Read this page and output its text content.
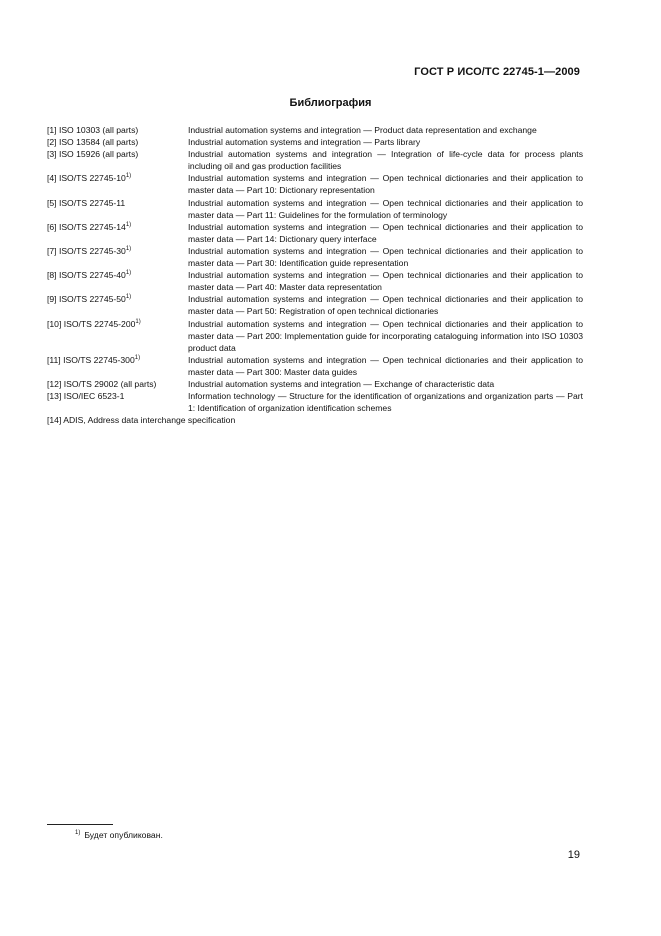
ГОСТ Р ИСО/ТС 22745-1—2009
Библиография
[1] ISO 10303 (all parts)	Industrial automation systems and integration — Product data representation and exchange
[2] ISO 13584 (all parts)	Industrial automation systems and integration — Parts library
[3] ISO 15926 (all parts)	Industrial automation systems and integration — Integration of life-cycle data for process plants including oil and gas production facilities
[4] ISO/TS 22745-10$^{1)}$	Industrial automation systems and integration — Open technical dictionaries and their application to master data — Part 10: Dictionary representation
[5] ISO/TS 22745-11	Industrial automation systems and integration — Open technical dictionaries and their application to master data — Part 11: Guidelines for the formulation of terminology
[6] ISO/TS 22745-14$^{1)}$	Industrial automation systems and integration — Open technical dictionaries and their application to master data — Part 14: Dictionary query interface
[7] ISO/TS 22745-30$^{1)}$	Industrial automation systems and integration — Open technical dictionaries and their application to master data — Part 30: Identification guide representation
[8] ISO/TS 22745-40$^{1)}$	Industrial automation systems and integration — Open technical dictionaries and their application to master data — Part 40: Master data representation
[9] ISO/TS 22745-50$^{1)}$	Industrial automation systems and integration — Open technical dictionaries and their application to master data — Part 50: Registration of open technical dictionaries
[10] ISO/TS 22745-200$^{1)}$	Industrial automation systems and integration — Open technical dictionaries and their application to master data — Part 200: Implementation guide for incorporating cataloguing information into ISO 10303 product data
[11] ISO/TS 22745-300$^{1)}$	Industrial automation systems and integration — Open technical dictionaries and their application to master data — Part 300: Master data guides
[12] ISO/TS 29002 (all parts)	Industrial automation systems and integration — Exchange of characteristic data
[13] ISO/IEC 6523-1	Information technology — Structure for the identification of organizations and organization parts — Part 1: Identification of organization identification schemes
[14] ADIS, Address data interchange specification
$^{1)}$ Будет опубликован.
19
